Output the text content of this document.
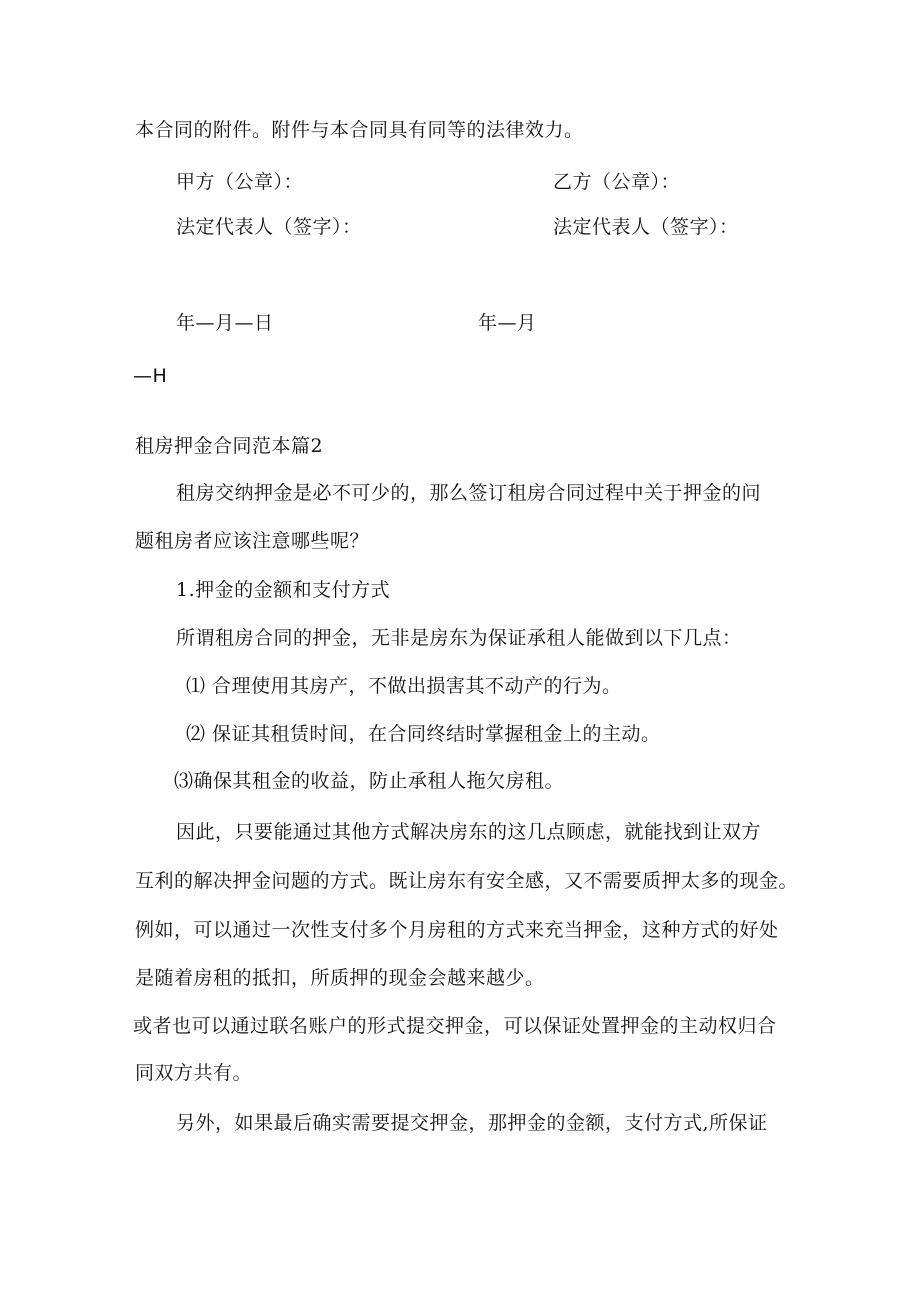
本合同的附件。附件与本合同具有同等的法律效力。
甲方（公章）：	乙方（公章）：
法定代表人（签字）：	法定代表人（签字）：
年—月—日	年—月
—H
租房押金合同范本篇2
租房交纳押金是必不可少的，那么签订租房合同过程中关于押金的问
题租房者应该注意哪些呢？
1.押金的金额和支付方式
所谓租房合同的押金，无非是房东为保证承租人能做到以下几点：
⑴ 合理使用其房产，不做出损害其不动产的行为。
⑵ 保证其租赁时间，在合同终结时掌握租金上的主动。
⑶确保其租金的收益，防止承租人拖欠房租。
因此，只要能通过其他方式解决房东的这几点顾虑，就能找到让双方
互利的解决押金问题的方式。既让房东有安全感，又不需要质押太多的现金。
例如，可以通过一次性支付多个月房租的方式来充当押金，这种方式的好处
是随着房租的抵扣，所质押的现金会越来越少。
或者也可以通过联名账户的形式提交押金，可以保证处置押金的主动权归合
同双方共有。
另外，如果最后确实需要提交押金，那押金的金额，支付方式,所保证
